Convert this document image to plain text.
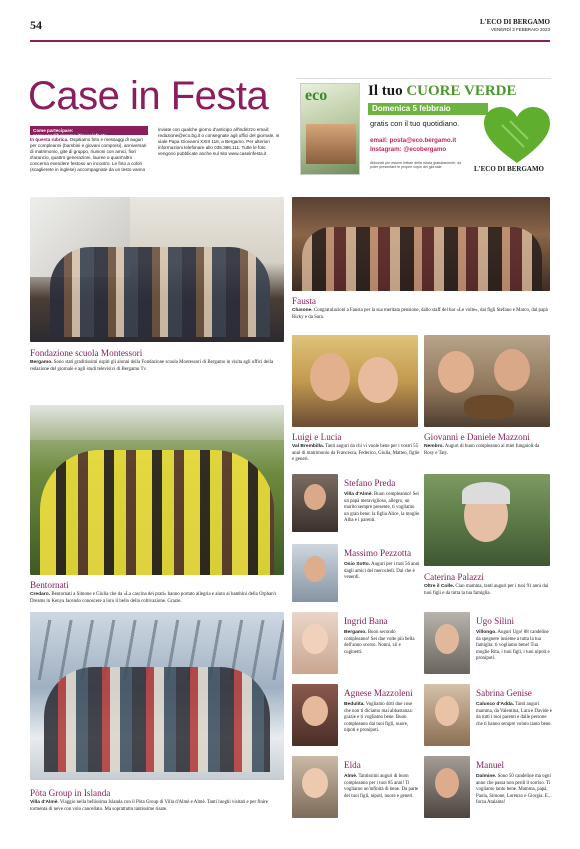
54	L'ECO DI BERGAMO
VENERDÌ 3 FEBBRAIO 2023
Case in Festa
Come partecipare: www.ecodibergamo.it/caseinfesta
In questa rubrica. Ospitiamo foto e messaggi di auguri per compleanni (bambini e giovani compresi), anniversari di matrimonio, gite di gruppo, riunioni con amici, fiori d'arancio, quattro generazioni, lauree e quant'altro concerna evendere festoso un incontro. Le foto a colori (scaglierete in inglese) accompagnate da un testo vanno
inviate con qualche giorno d'anticipo all'indirizzo email: redazione@eco.bg.it o consegnate agli uffici del giornale, in viale Papa Giovanni XXIII 118, a Bergamo. Per ulteriori informazioni telefonare allo 035.386.111. Tutte le foto vengono pubblicate anche sul sito www.caseinfesta.it
eco	Il tuo CUORE VERDE
Domenica 5 febbraio
gratis con il tuo quotidiano.
email: posta@eco.bergamo.it
Instagram: @ecobergamo
L'ECO DI BERGAMO
Abbonati per essere lettore della rivista gratuitamente, da poter presentare le proprie copie del giornale.
Fondazione scuola Montessori
Bergamo. Sono stati graditissimi ospiti gli alunni della Fondazione scuola Montessori di Bergamo in visita agli uffici della redazione del giornale e agli studi televisivi di Bergamo Tv.
Fausta
Clusone. Congratulazioni a Fausta per la sua meritata pensione, dallo staff del bar «Le volte», dai figli Stefano e Marco, dal papà Ricky e da Sara.
Luigi e Lucia
Val Brembilla. Tanti auguri da chi vi vuole bene per i vostri 55 anni di matrimonio da Francesca, Federico, Giulia, Matteo, figlie e generi.
Giovanni e Daniele Mazzoni
Nembro. Auguri di buon compleanno ai miei fungaioli da Rosy e Taty.
Stefano Preda
Villa d'Almè. Buon compleanno! Sei un papà meraviglioso, allegro, un marito sempre presente, ti vogliamo un gran bene: la figlia Alice, la moglie Alba e i parenti.
Massimo Pezzotta
Osio Sotto. Auguri per i tuoi 56 anni dagli amici del mercoledì. Dai che è venerdì.	Caterina Palazzi
Oltre il Colle. Ciao mamma, tanti auguri per i tuoi 91 anni dai tuoi figli e da tutta la tua famiglia.
Bentornati
Credaro. Bentornati a Simone e Giulia che da «La cascina dei prati» hanno portato allegria e aiuto ai bambini della Orphan's Dreams in Kenya facendo conoscere a loro il bello della coltivazione. Grazie.
Pòta Group in Islanda
Villa d'Almè. Viaggio nella bellissima Islanda con il Pòta Group di Villa d'Almè e Almè. Tanti luoghi visitati e per finire tormenta di neve con volo cancellato. Ma soprattutto tantissime risate.
Ingrid Bana
Bergamo. Buon secondo compleanno! Sei due volte più bella dell'anno scorso. Nonni, zii e cuginetti.
Ugo Silini
Villongo. Auguri Ugo! 88 candeline da spegnere insieme a tutta la tua famiglia: ti vogliamo bene! Tua moglie Rita, i tuoi figli, i tuoi nipoti e pronipoti.
Agnese Mazzoleni
Bedulita. Vogliamo dirti due cose che non ti diciamo mai abbastanza: grazie e ti vogliamo bene. Buon compleanno dai tuoi figli, nuore, nipoti e pronipoti.
Sabrina Genise
Calusco d'Adda. Tanti auguri mamma, da Valentina, Lara e Davide e da tutti i tuoi parenti e dalle persone che ti hanno sempre voluto tanto bene.
Elda
Almè. Tantissimi auguri di buon compleanno per i tuoi 85 anni! Ti vogliamo un'infinità di bene. Da parte dei tuoi figli, nipoti, nuore e generi.
Manuel
Dalmine. Sono 50 candeline ma ogni anno che passa non perdi il sorriso. Ti vogliamo tanto bene. Mamma, papà, Paola, Simone, Lorenzo e Giorgia. E... forza Atalanta!
